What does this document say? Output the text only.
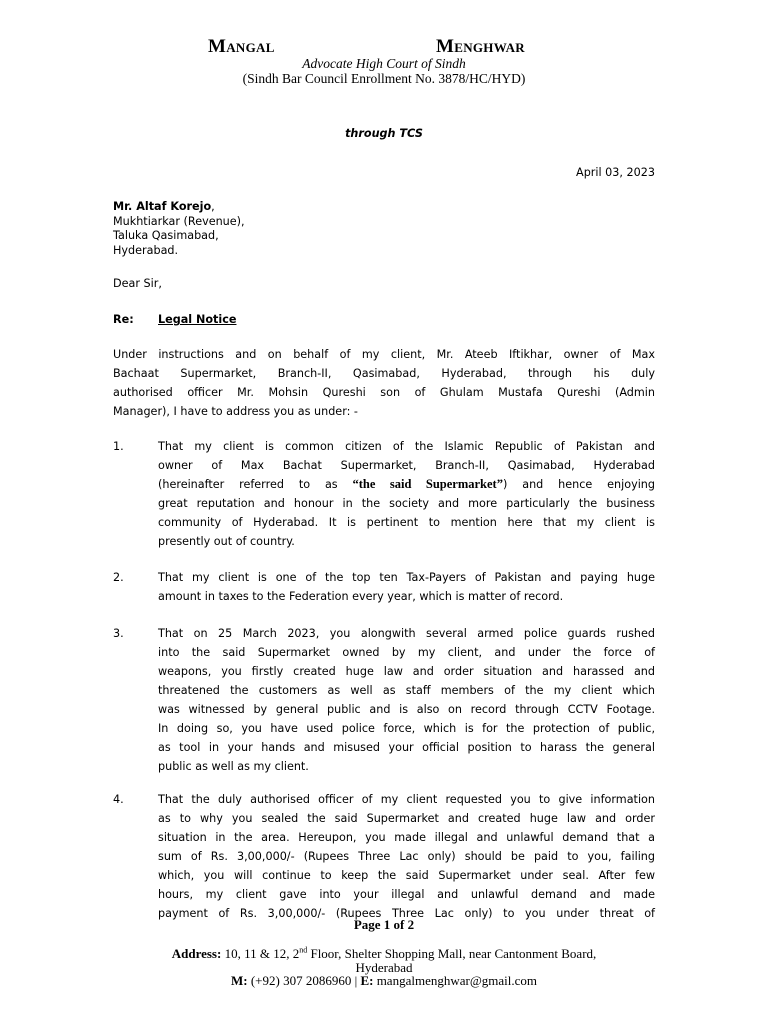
Mangal	Menghwar
Advocate High Court of Sindh
(Sindh Bar Council Enrollment No. 3878/HC/HYD)
through TCS
April 03, 2023
Mr. Altaf Korejo,
Mukhtiarkar (Revenue),
Taluka Qasimabad,
Hyderabad.
Dear Sir,
Re: Legal Notice
Under instructions and on behalf of my client, Mr. Ateeb Iftikhar, owner of Max
Bachaat Supermarket, Branch-II, Qasimabad, Hyderabad, through his duly
authorised officer Mr. Mohsin Qureshi son of Ghulam Mustafa Qureshi (Admin
Manager), I have to address you as under: -
1.	That my client is common citizen of the Islamic Republic of Pakistan and
owner of Max Bachat Supermarket, Branch-II, Qasimabad, Hyderabad
(hereinafter referred to as “the said Supermarket”) and hence enjoying
great reputation and honour in the society and more particularly the business
community of Hyderabad. It is pertinent to mention here that my client is
presently out of country.
2.	That my client is one of the top ten Tax-Payers of Pakistan and paying huge
amount in taxes to the Federation every year, which is matter of record.
3.	That on 25 March 2023, you alongwith several armed police guards rushed
into the said Supermarket owned by my client, and under the force of
weapons, you firstly created huge law and order situation and harassed and
threatened the customers as well as staff members of the my client which
was witnessed by general public and is also on record through CCTV Footage.
In doing so, you have used police force, which is for the protection of public,
as tool in your hands and misused your official position to harass the general
public as well as my client.
4.	That the duly authorised officer of my client requested you to give information
as to why you sealed the said Supermarket and created huge law and order
situation in the area. Hereupon, you made illegal and unlawful demand that a
sum of Rs. 3,00,000/- (Rupees Three Lac only) should be paid to you, failing
which, you will continue to keep the said Supermarket under seal. After few
hours, my client gave into your illegal and unlawful demand and made
payment of Rs. 3,00,000/- (Rupees Three Lac only) to you under threat of
Page 1 of 2
Address: 10, 11 & 12, 2nd Floor, Shelter Shopping Mall, near Cantonment Board,
Hyderabad
M: (+92) 307 2086960 | E: mangalmenghwar@gmail.com
